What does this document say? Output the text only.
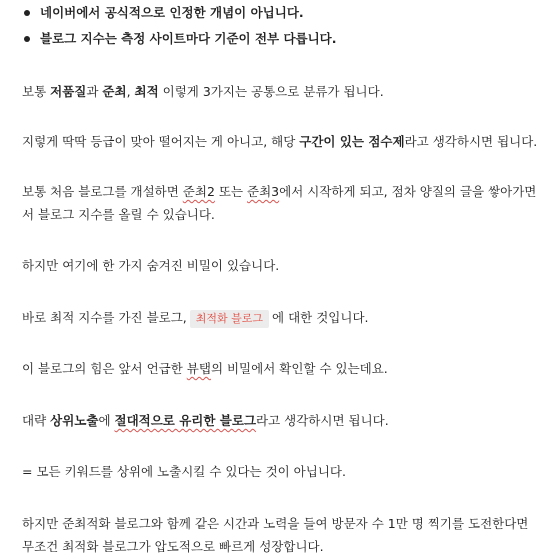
네이버에서 공식적으로 인정한 개념이 아닙니다.
블로그 지수는 측정 사이트마다 기준이 전부 다릅니다.
보통 저품질과 준최, 최적 이렇게 3가지는 공통으로 분류가 됩니다.
지렇게 딱딱 등급이 맞아 떨어지는 게 아니고, 해당 구간이 있는 점수제라고 생각하시면 됩니다.
보통 처음 블로그를 개설하면 준최2 또는 준최3에서 시작하게 되고, 점차 양질의 글을 쌓아가면서 블로그 지수를 올릴 수 있습니다.
하지만 여기에 한 가지 숨겨진 비밀이 있습니다.
바로 최적 지수를 가진 블로그, 최적화 블로그 에 대한 것입니다.
이 블로그의 힘은 앞서 언급한 뷰탭의 비밀에서 확인할 수 있는데요.
대략 상위노출에 절대적으로 유리한 블로그라고 생각하시면 됩니다.
= 모든 키워드를 상위에 노출시킬 수 있다는 것이 아닙니다.
하지만 준최적화 블로그와 함께 같은 시간과 노력을 들여 방문자 수 1만 명 찍기를 도전한다면 무조건 최적화 블로그가 압도적으로 빠르게 성장합니다.
